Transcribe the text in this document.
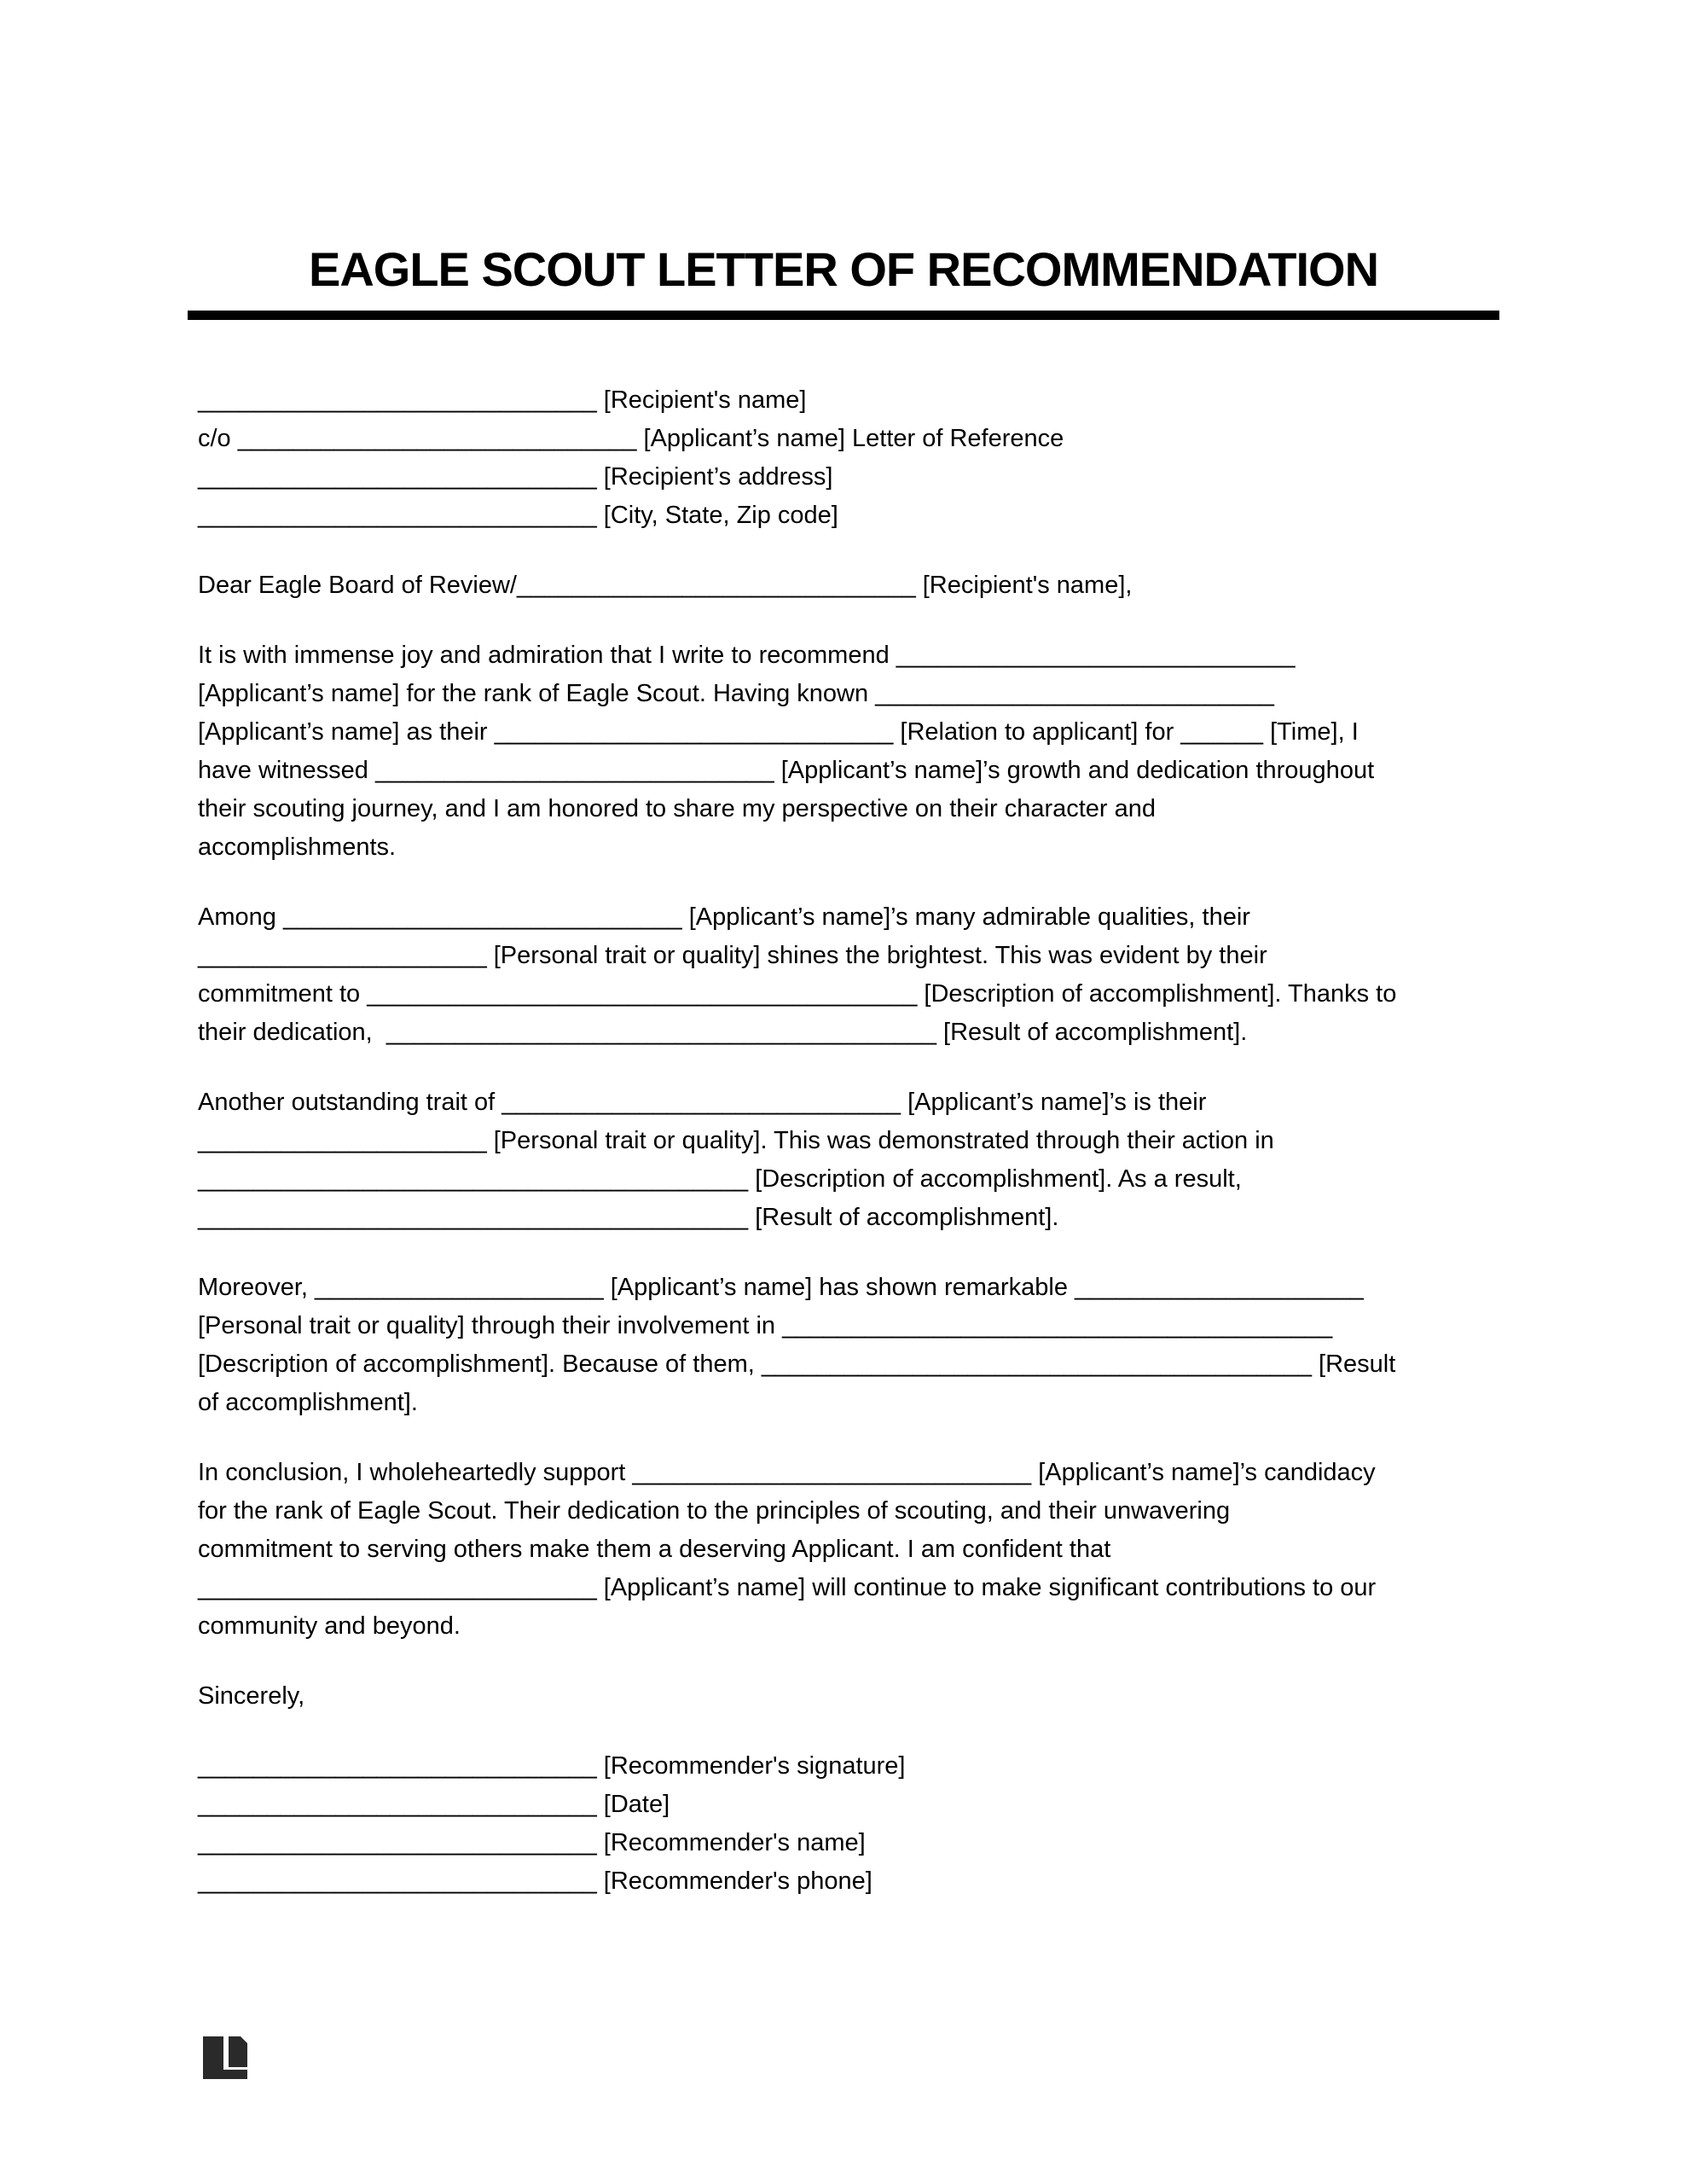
EAGLE SCOUT LETTER OF RECOMMENDATION
_____________________________ [Recipient's name]
c/o _____________________________ [Applicant’s name] Letter of Reference
_____________________________ [Recipient’s address]
_____________________________ [City, State, Zip code]
Dear Eagle Board of Review/_____________________________ [Recipient's name],
It is with immense joy and admiration that I write to recommend _____________________________
[Applicant’s name] for the rank of Eagle Scout. Having known _____________________________
[Applicant’s name] as their _____________________________ [Relation to applicant] for ______ [Time], I
have witnessed _____________________________ [Applicant’s name]’s growth and dedication throughout
their scouting journey, and I am honored to share my perspective on their character and
accomplishments.
Among _____________________________ [Applicant’s name]’s many admirable qualities, their
_____________________ [Personal trait or quality] shines the brightest. This was evident by their
commitment to ________________________________________ [Description of accomplishment]. Thanks to
their dedication,  ________________________________________ [Result of accomplishment].
Another outstanding trait of _____________________________ [Applicant’s name]’s is their
_____________________ [Personal trait or quality]. This was demonstrated through their action in
________________________________________ [Description of accomplishment]. As a result,
________________________________________ [Result of accomplishment].
Moreover, _____________________ [Applicant’s name] has shown remarkable _____________________
[Personal trait or quality] through their involvement in ________________________________________
[Description of accomplishment]. Because of them, ________________________________________ [Result
of accomplishment].
In conclusion, I wholeheartedly support _____________________________ [Applicant’s name]’s candidacy
for the rank of Eagle Scout. Their dedication to the principles of scouting, and their unwavering
commitment to serving others make them a deserving Applicant. I am confident that
_____________________________ [Applicant’s name] will continue to make significant contributions to our
community and beyond.
Sincerely,
_____________________________ [Recommender's signature]
_____________________________ [Date]
_____________________________ [Recommender's name]
_____________________________ [Recommender's phone]
